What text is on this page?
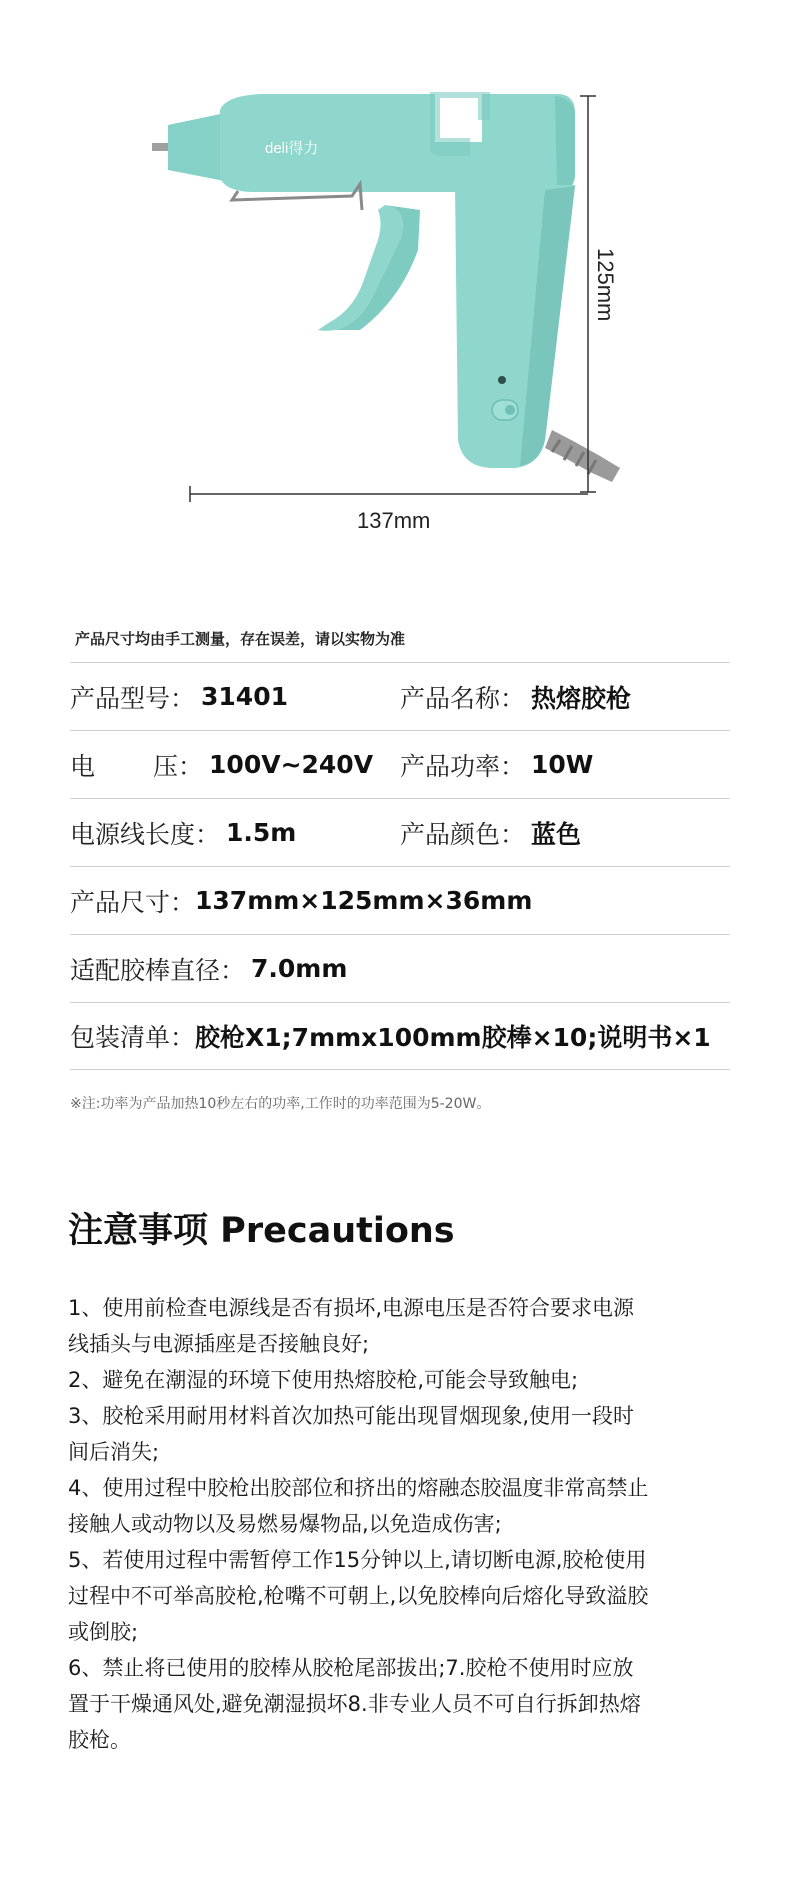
deli得力
125mm
137mm
产品尺寸均由手工测量，存在误差，请以实物为准
产品型号： 31401	产品名称： 热熔胶枪
电 压： 100V~240V 产品功率： 10W
电源线长度： 1.5m	产品颜色： 蓝色
产品尺寸： 137mm×125mm×36mm
适配胶棒直径： 7.0mm
包装清单： 胶枪X1;7mmx100mm胶棒×10;说明书×1
※注:功率为产品加热10秒左右的功率,工作时的功率范围为5-20W。
注意事项 Precautions
1、使用前检查电源线是否有损坏,电源电压是否符合要求电源
线插头与电源插座是否接触良好;
2、避免在潮湿的环境下使用热熔胶枪,可能会导致触电;
3、胶枪采用耐用材料首次加热可能出现冒烟现象,使用一段时
间后消失;
4、使用过程中胶枪出胶部位和挤出的熔融态胶温度非常高禁止
接触人或动物以及易燃易爆物品,以免造成伤害;
5、若使用过程中需暂停工作15分钟以上,请切断电源,胶枪使用
过程中不可举高胶枪,枪嘴不可朝上,以免胶棒向后熔化导致溢胶
或倒胶;
6、禁止将已使用的胶棒从胶枪尾部拔出;7.胶枪不使用时应放
置于干燥通风处,避免潮湿损坏8.非专业人员不可自行拆卸热熔
胶枪。
